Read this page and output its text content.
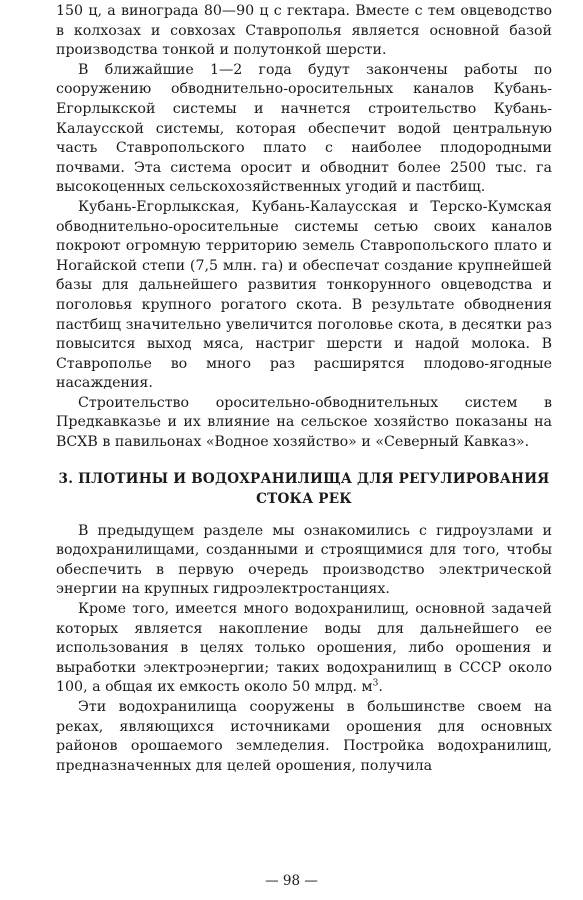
150 ц, а винограда 80—90 ц с гектара. Вместе с тем овцеводство в колхозах и совхозах Ставрополья является основной базой производства тонкой и полутонкой шерсти.

В ближайшие 1—2 года будут закончены работы по сооружению обводнительно-оросительных каналов Кубань-Егорлыкской системы и начнется строительство Кубань-Калаусской системы, которая обеспечит водой центральную часть Ставропольского плато с наиболее плодородными почвами. Эта система оросит и обводнит более 2500 тыс. га высокоценных сельскохозяйственных угодий и пастбищ.

Кубань-Егорлыкская, Кубань-Калаусская и Терско-Кумская обводнительно-оросительные системы сетью своих каналов покроют огромную территорию земель Ставропольского плато и Ногайской степи (7,5 млн. га) и обеспечат создание крупнейшей базы для дальнейшего развития тонкорунного овцеводства и поголовья крупного рогатого скота. В результате обводнения пастбищ значительно увеличится поголовье скота, в десятки раз повысится выход мяса, настриг шерсти и надой молока. В Ставрополье во много раз расширятся плодово-ягодные насаждения.

Строительство оросительно-обводнительных систем в Предкавказье и их влияние на сельское хозяйство показаны на ВСХВ в павильонах «Водное хозяйство» и «Северный Кавказ».

3. ПЛОТИНЫ И ВОДОХРАНИЛИЩА ДЛЯ РЕГУЛИРОВАНИЯ
СТОКА РЕК

В предыдущем разделе мы ознакомились с гидроузлами и водохранилищами, созданными и строящимися для того, чтобы обеспечить в первую очередь производство электрической энергии на крупных гидроэлектростанциях.

Кроме того, имеется много водохранилищ, основной задачей которых является накопление воды для дальнейшего ее использования в целях только орошения, либо орошения и выработки электроэнергии; таких водохранилищ в СССР около 100, а общая их емкость около 50 млрд. $м^3$.

Эти водохранилища сооружены в большинстве своем на реках, являющихся источниками орошения для основных районов орошаемого земледелия. Постройка водохранилищ, предназначенных для целей орошения, получила

— 98 —
